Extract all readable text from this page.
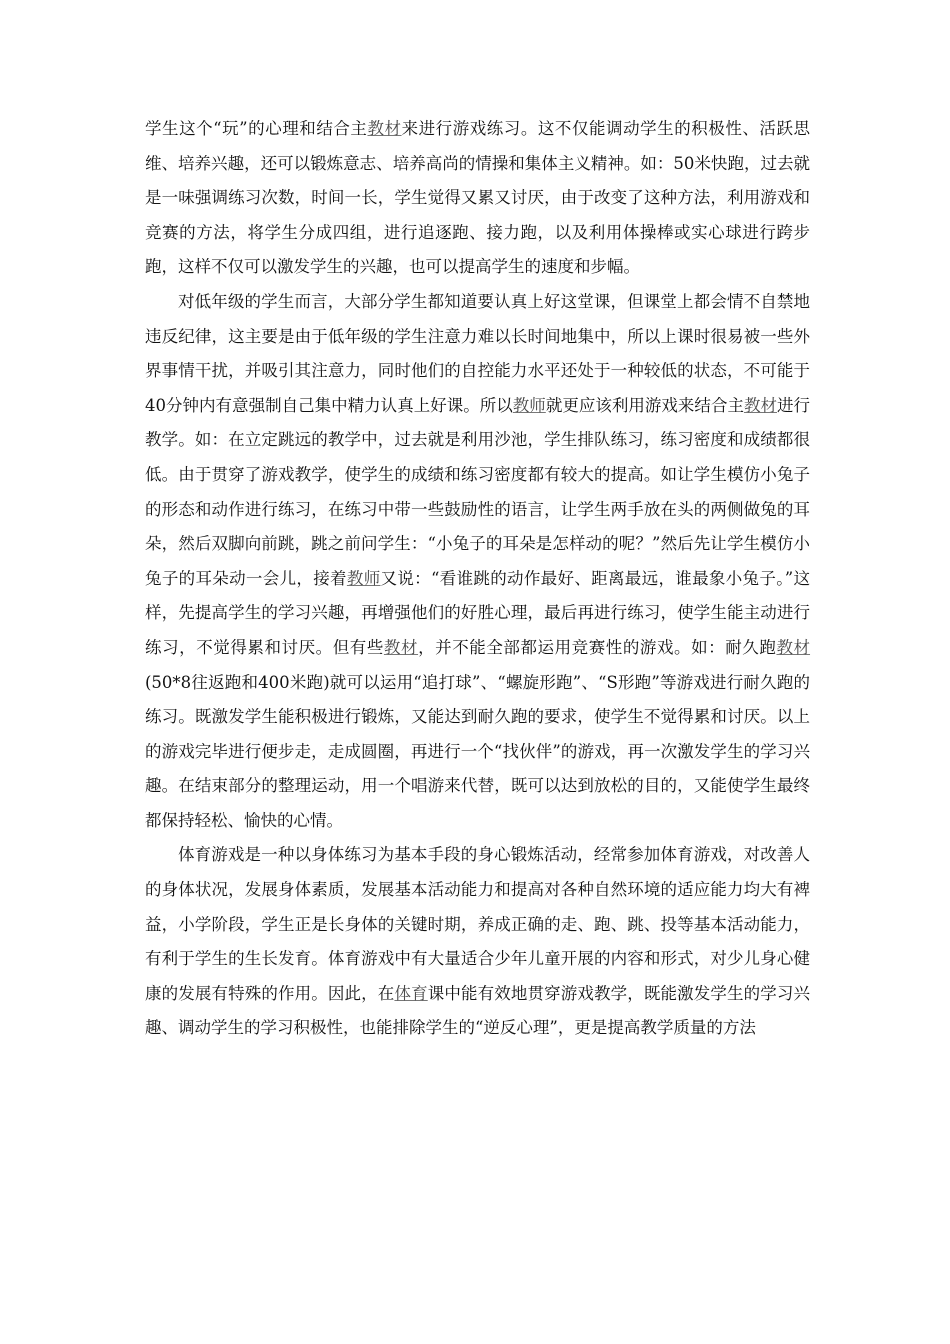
学生这个“玩”的心理和结合主教材来进行游戏练习。这不仅能调动学生的积极性、活跃思维、培养兴趣，还可以锻炼意志、培养高尚的情操和集体主义精神。如：50米快跑，过去就是一味强调练习次数，时间一长，学生觉得又累又讨厌，由于改变了这种方法，利用游戏和竞赛的方法，将学生分成四组，进行追逐跑、接力跑，以及利用体操棒或实心球进行跨步跑，这样不仅可以激发学生的兴趣，也可以提高学生的速度和步幅。

对低年级的学生而言，大部分学生都知道要认真上好这堂课，但课堂上都会情不自禁地违反纪律，这主要是由于低年级的学生注意力难以长时间地集中，所以上课时很易被一些外界事情干扰，并吸引其注意力，同时他们的自控能力水平还处于一种较低的状态，不可能于40分钟内有意强制自己集中精力认真上好课。所以教师就更应该利用游戏来结合主教材进行教学。如：在立定跳远的教学中，过去就是利用沙池，学生排队练习，练习密度和成绩都很低。由于贯穿了游戏教学，使学生的成绩和练习密度都有较大的提高。如让学生模仿小兔子的形态和动作进行练习，在练习中带一些鼓励性的语言，让学生两手放在头的两侧做兔的耳朵，然后双脚向前跳，跳之前问学生：“小兔子的耳朵是怎样动的呢？”然后先让学生模仿小兔子的耳朵动一会儿，接着教师又说：“看谁跳的动作最好、距离最远，谁最象小兔子。”这样，先提高学生的学习兴趣，再增强他们的好胜心理，最后再进行练习，使学生能主动进行练习，不觉得累和讨厌。但有些教材，并不能全部都运用竞赛性的游戏。如：耐久跑教材(50*8往返跑和400米跑)就可以运用“追打球”、“螺旋形跑”、“S形跑”等游戏进行耐久跑的练习。既激发学生能积极进行锻炼，又能达到耐久跑的要求，使学生不觉得累和讨厌。以上的游戏完毕进行便步走，走成圆圈，再进行一个“找伙伴”的游戏，再一次激发学生的学习兴趣。在结束部分的整理运动，用一个唱游来代替，既可以达到放松的目的，又能使学生最终都保持轻松、愉快的心情。

体育游戏是一种以身体练习为基本手段的身心锻炼活动，经常参加体育游戏，对改善人的身体状况，发展身体素质，发展基本活动能力和提高对各种自然环境的适应能力均大有裨益，小学阶段，学生正是长身体的关键时期，养成正确的走、跑、跳、投等基本活动能力，有利于学生的生长发育。体育游戏中有大量适合少年儿童开展的内容和形式，对少儿身心健康的发展有特殊的作用。因此，在体育课中能有效地贯穿游戏教学，既能激发学生的学习兴趣、调动学生的学习积极性，也能排除学生的“逆反心理”，更是提高教学质量的方法
